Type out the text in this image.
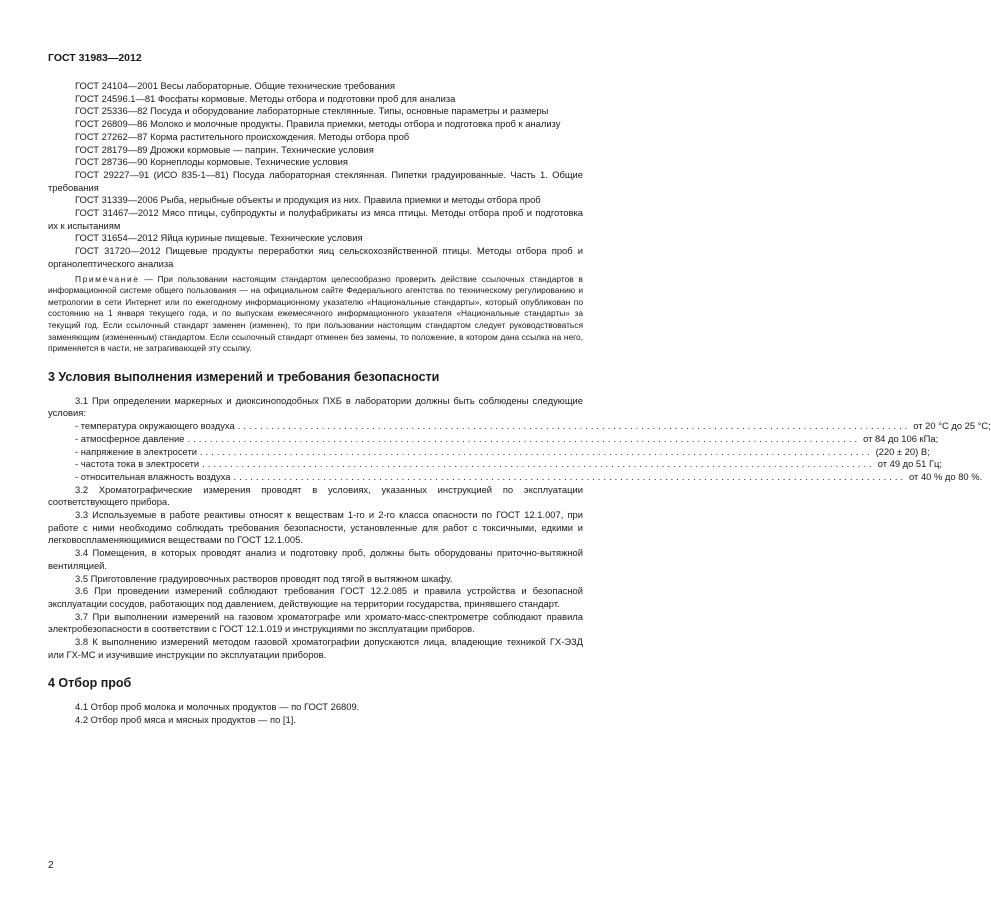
ГОСТ 31983—2012

ГОСТ 24104—2001 Весы лабораторные. Общие технические требования

ГОСТ 24596.1—81 Фосфаты кормовые. Методы отбора и подготовки проб для анализа

ГОСТ 25336—82 Посуда и оборудование лабораторные стеклянные. Типы, основные параметры и размеры

ГОСТ 26809—86 Молоко и молочные продукты. Правила приемки, методы отбора и подготовка проб к анализу

ГОСТ 27262—87 Корма растительного происхождения. Методы отбора проб

ГОСТ 28179—89 Дрожжи кормовые — паприн. Технические условия

ГОСТ 28736—90 Корнеплоды кормовые. Технические условия

ГОСТ 29227—91 (ИСО 835-1—81) Посуда лабораторная стеклянная. Пипетки градуированные. Часть 1. Общие требования

ГОСТ 31339—2006 Рыба, нерыбные объекты и продукция из них. Правила приемки и методы отбора проб

ГОСТ 31467—2012 Мясо птицы, субпродукты и полуфабрикаты из мяса птицы. Методы отбора проб и подготовка их к испытаниям

ГОСТ 31654—2012 Яйца куриные пищевые. Технические условия

ГОСТ 31720—2012 Пищевые продукты переработки яиц сельскохозяйственной птицы. Методы отбора проб и органолептического анализа

Примечание — При пользовании настоящим стандартом целесообразно проверить действие ссылочных стандартов в информационной системе общего пользования — на официальном сайте Федерального агентства по техническому регулированию и метрологии в сети Интернет или по ежегодному информационному указателю «Национальные стандарты», который опубликован по состоянию на 1 января текущего года, и по выпускам ежемесячного информационного указателя «Национальные стандарты» за текущий год. Если ссылочный стандарт заменен (изменен), то при пользовании настоящим стандартом следует руководствоваться заменяющим (измененным) стандартом. Если ссылочный стандарт отменен без замены, то положение, в котором дана ссылка на него, применяется в части, не затрагивающей эту ссылку.

3 Условия выполнения измерений и требования безопасности

3.1 При определении маркерных и диоксиноподобных ПХБ в лаборатории должны быть соблюдены следующие условия:

- температура окружающего воздуха ........................................................................................................................ от 20 °С до 25 °С;
- атмосферное давление ........................................................................................................................ от 84 до 106 кПа;
- напряжение в электросети ........................................................................................................................ (220 ± 20) В;
- частота тока в электросети ........................................................................................................................ от 49 до 51 Гц;
- относительная влажность воздуха ........................................................................................................................ от 40 % до 80 %.

3.2 Хроматографические измерения проводят в условиях, указанных инструкцией по эксплуатации соответствующего прибора.

3.3 Используемые в работе реактивы относят к веществам 1-го и 2-го класса опасности по ГОСТ 12.1.007, при работе с ними необходимо соблюдать требования безопасности, установленные для работ с токсичными, едкими и легковоспламеняющимися веществами по ГОСТ 12.1.005.

3.4 Помещения, в которых проводят анализ и подготовку проб, должны быть оборудованы приточно-вытяжной вентиляцией.

3.5 Приготовление градуировочных растворов проводят под тягой в вытяжном шкафу.

3.6 При проведении измерений соблюдают требования ГОСТ 12.2.085 и правила устройства и безопасной эксплуатации сосудов, работающих под давлением, действующие на территории государства, принявшего стандарт.

3.7 При выполнении измерений на газовом хроматографе или хромато-масс-спектрометре соблюдают правила электробезопасности в соответствии с ГОСТ 12.1.019 и инструкциями по эксплуатации приборов.

3.8 К выполнению измерений методом газовой хроматографии допускаются лица, владеющие техникой ГХ-ЭЗД или ГХ-МС и изучившие инструкции по эксплуатации приборов.

4 Отбор проб

4.1 Отбор проб молока и молочных продуктов — по ГОСТ 26809.

4.2 Отбор проб мяса и мясных продуктов — по [1].

2
